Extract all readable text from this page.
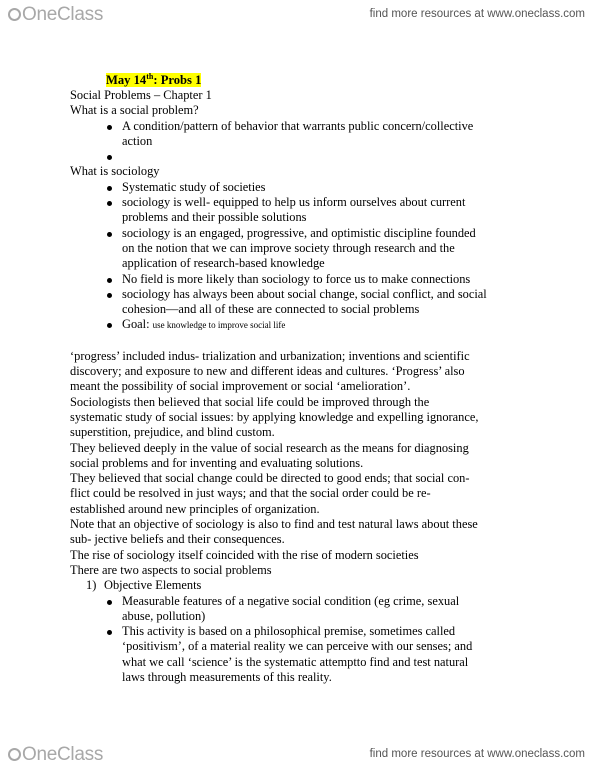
OneClass	find more resources at www.oneclass.com
May 14th: Probs 1
Social Problems – Chapter 1
What is a social problem?
A condition/pattern of behavior that warrants public concern/collective
action

What is sociology
Systematic study of societies
sociology is well- equipped to help us inform ourselves about current
problems and their possible solutions
sociology is an engaged, progressive, and optimistic discipline founded
on the notion that we can improve society through research and the
application of research-based knowledge
No field is more likely than sociology to force us to make connections
sociology has always been about social change, social conflict, and social
cohesion—and all of these are connected to social problems
Goal: use knowledge to improve social life
‘progress’ included indus- trialization and urbanization; inventions and scientific
discovery; and exposure to new and different ideas and cultures. ‘Progress’ also
meant the possibility of social improvement or social ‘amelioration’.
Sociologists then believed that social life could be improved through the
systematic study of social issues: by applying knowledge and expelling ignorance,
superstition, prejudice, and blind custom.
They believed deeply in the value of social research as the means for diagnosing
social problems and for inventing and evaluating solutions.
They believed that social change could be directed to good ends; that social con-
flict could be resolved in just ways; and that the social order could be re-
established around new principles of organization.
Note that an objective of sociology is also to find and test natural laws about these
sub- jective beliefs and their consequences.
The rise of sociology itself coincided with the rise of modern societies
There are two aspects to social problems
1) Objective Elements
Measurable features of a negative social condition (eg crime, sexual
abuse, pollution)
This activity is based on a philosophical premise, sometimes called
‘positivism’, of a material reality we can perceive with our senses; and
what we call ‘science’ is the systematic attemptto find and test natural
laws through measurements of this reality.
OneClass	find more resources at www.oneclass.com
